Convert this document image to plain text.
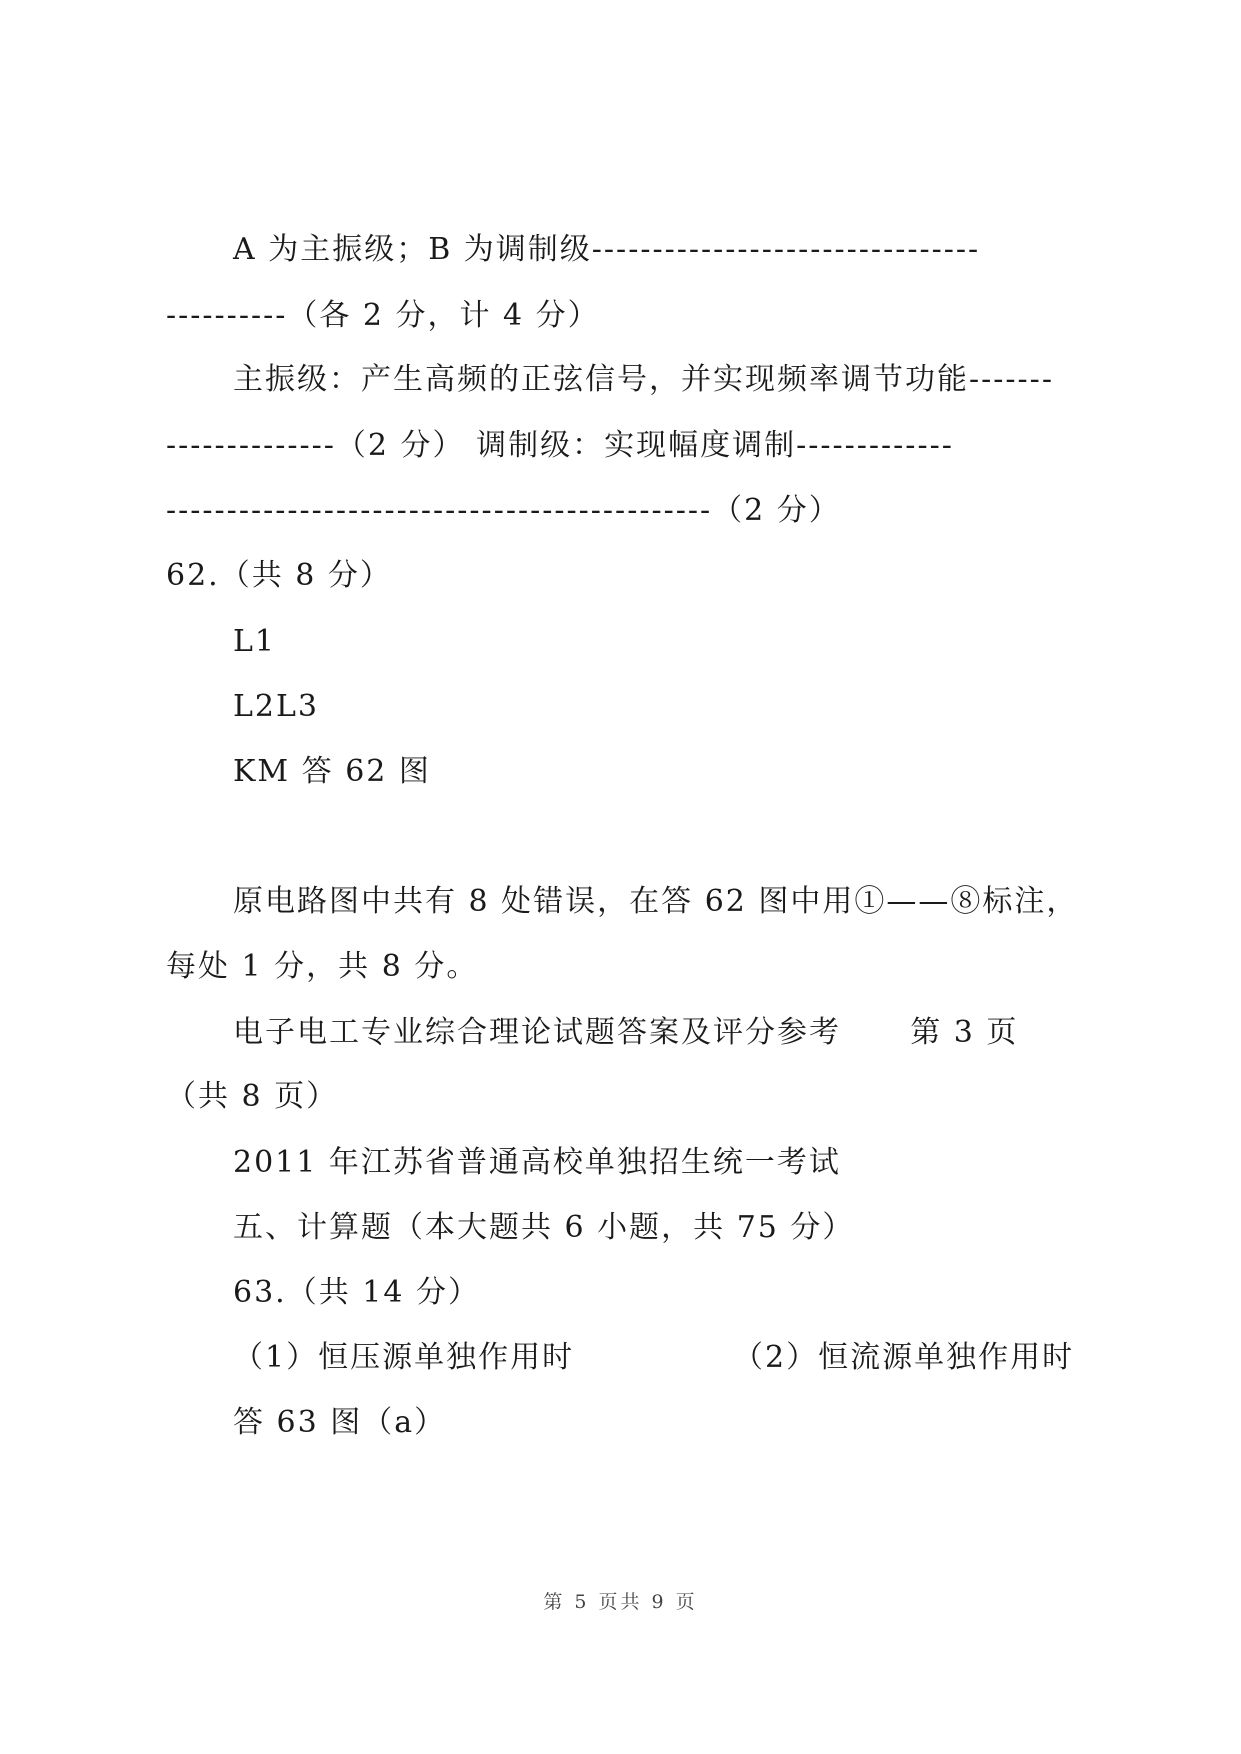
A 为主振级；B 为调制级--------------------------------
----------（各 2 分，计 4 分）
主振级：产生高频的正弦信号，并实现频率调节功能-------
--------------（2 分） 调制级：实现幅度调制-------------
---------------------------------------------（2 分）
62.（共 8 分）
L1
L2L3
KM 答 62 图
原电路图中共有 8 处错误，在答 62 图中用①——⑧标注，
每处 1 分，共 8 分。
电子电工专业综合理论试题答案及评分参考      第 3 页
（共 8 页）
2011 年江苏省普通高校单独招生统一考试
五、计算题（本大题共 6 小题，共 75 分）
63.（共 14 分）
（1）恒压源单独作用时	（2）恒流源单独作用时
答 63 图（a）
第 5 页共 9 页
